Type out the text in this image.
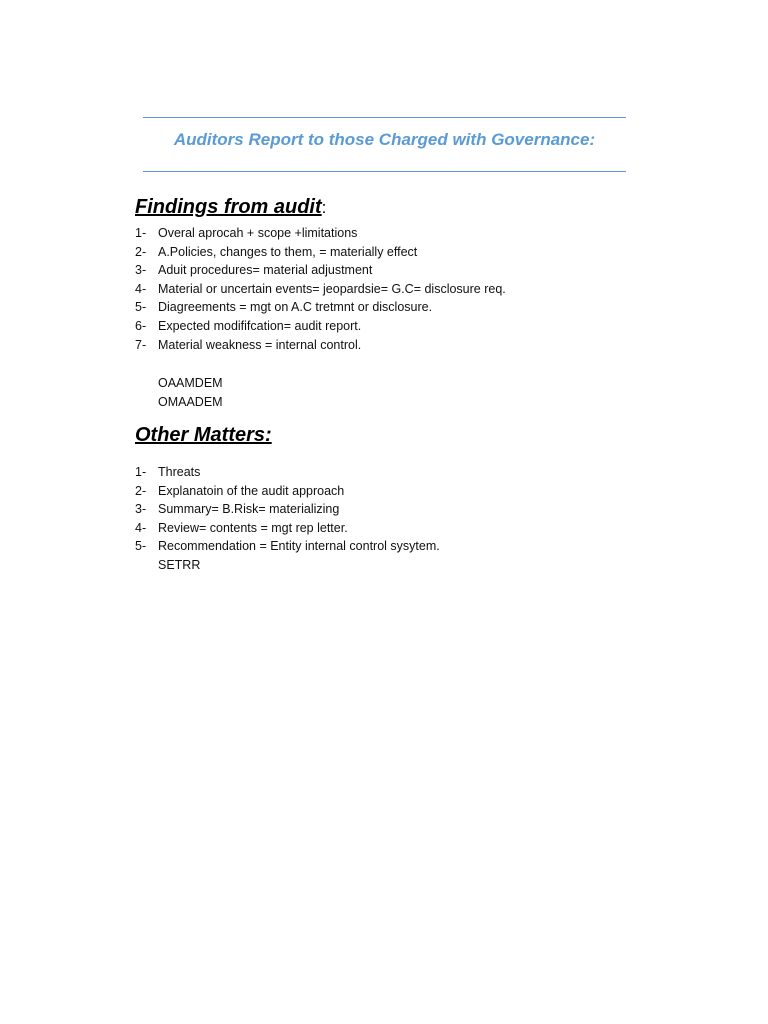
Auditors Report to those Charged with Governance:
Findings from audit:
1- Overal aprocah + scope +limitations
2- A.Policies, changes to them, = materially effect
3- Aduit procedures= material adjustment
4- Material or uncertain events= jeopardsie= G.C= disclosure req.
5- Diagreements = mgt on A.C tretmnt or disclosure.
6- Expected modififcation= audit report.
7- Material weakness = internal control.
OAAMDEM
OMAADEM
Other Matters:
1- Threats
2- Explanatoin of the audit approach
3- Summary= B.Risk= materializing
4- Review= contents = mgt rep letter.
5- Recommendation = Entity internal control sysytem.
SETRR
